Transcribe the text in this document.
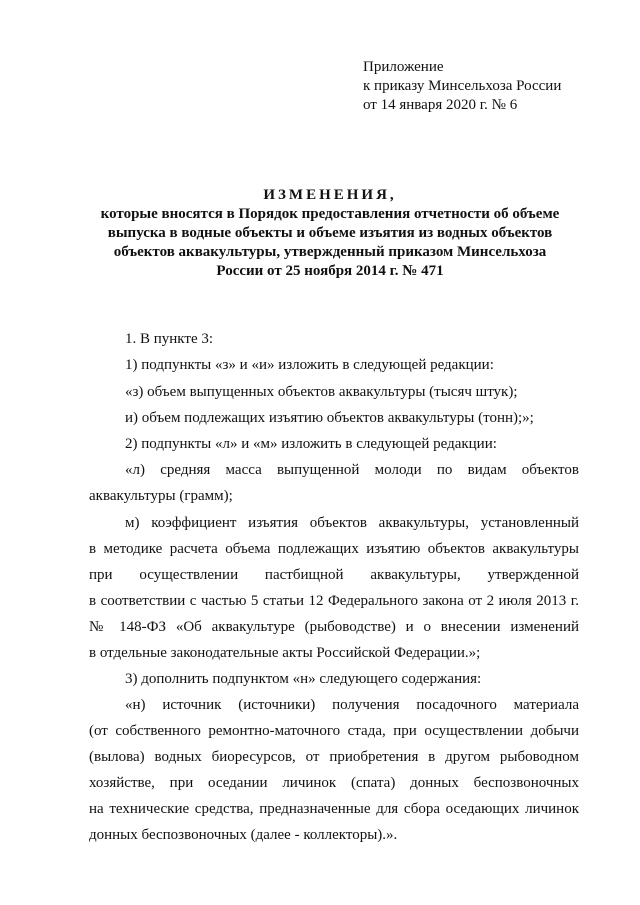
Приложение
к приказу Минсельхоза России
от 14 января 2020 г. № 6
ИЗМЕНЕНИЯ,
которые вносятся в Порядок предоставления отчетности об объеме
выпуска в водные объекты и объеме изъятия из водных объектов
объектов аквакультуры, утвержденный приказом Минсельхоза
России от 25 ноября 2014 г. № 471
1. В пункте 3:
1) подпункты «з» и «и» изложить в следующей редакции:
«з) объем выпущенных объектов аквакультуры (тысяч штук);
и) объем подлежащих изъятию объектов аквакультуры (тонн);»;
2) подпункты «л» и «м» изложить в следующей редакции:
«л) средняя масса выпущенной молоди по видам объектов
аквакультуры (грамм);
м) коэффициент изъятия объектов аквакультуры, установленный
в методике расчета объема подлежащих изъятию объектов аквакультуры
при осуществлении пастбищной аквакультуры, утвержденной
в соответствии с частью 5 статьи 12 Федерального закона от 2 июля 2013 г.
№ 148-ФЗ «Об аквакультуре (рыбоводстве) и о внесении изменений
в отдельные законодательные акты Российской Федерации.»;
3) дополнить подпунктом «н» следующего содержания:
«н) источник (источники) получения посадочного материала
(от собственного ремонтно-маточного стада, при осуществлении добычи
(вылова) водных биоресурсов, от приобретения в другом рыбоводном
хозяйстве, при оседании личинок (спата) донных беспозвоночных
на технические средства, предназначенные для сбора оседающих личинок
донных беспозвоночных (далее - коллекторы).».
